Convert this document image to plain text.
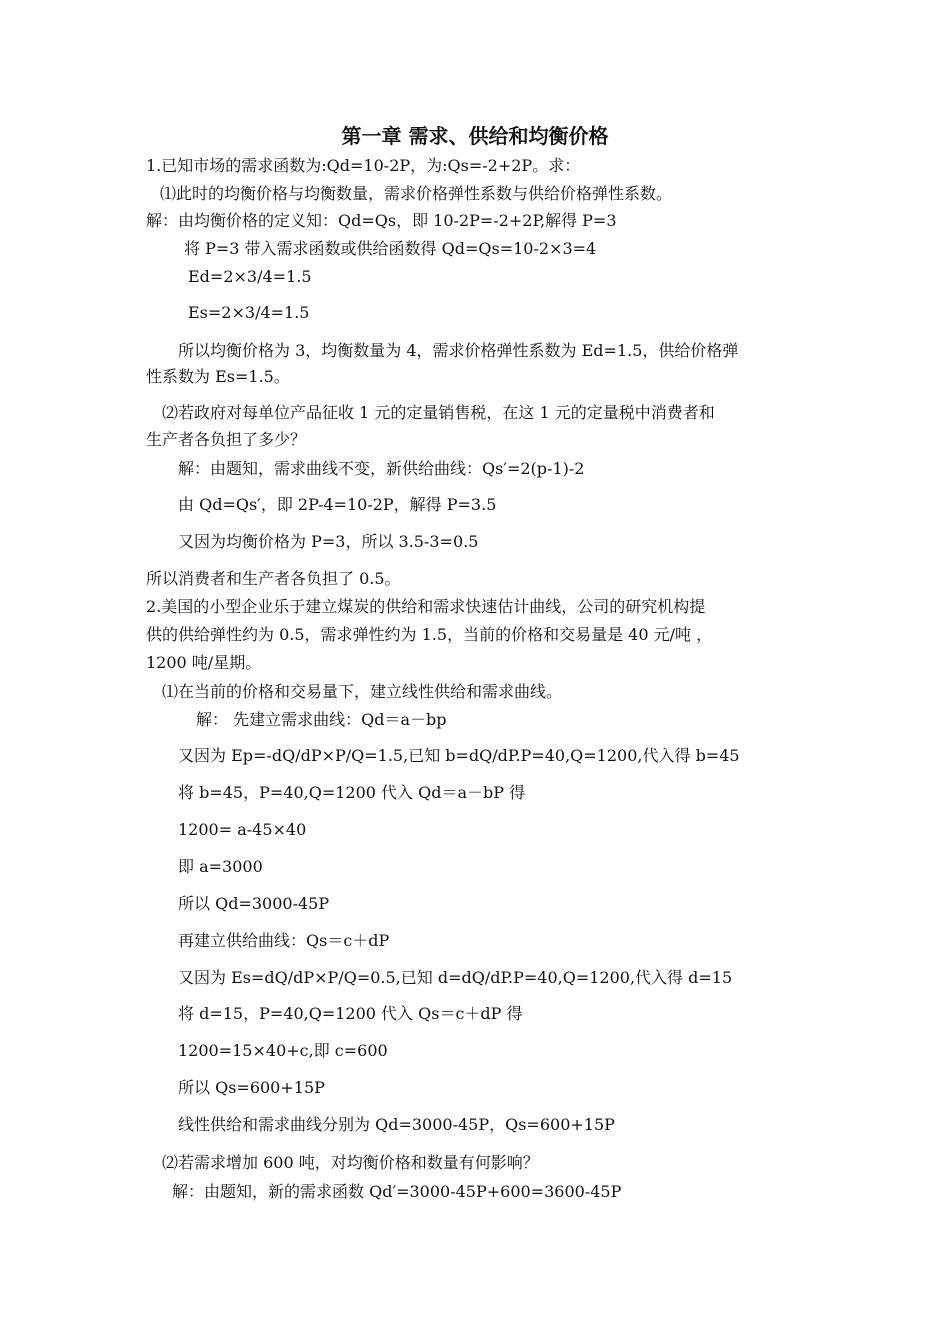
第一章 需求、供给和均衡价格
1.已知市场的需求函数为:Qd=10-2P，为:Qs=-2+2P。求：
⑴此时的均衡价格与均衡数量，需求价格弹性系数与供给价格弹性系数。
解：由均衡价格的定义知：Qd=Qs，即 10-2P=-2+2P,解得 P=3
将 P=3 带入需求函数或供给函数得 Qd=Qs=10-2×3=4
Ed=2×3/4=1.5
Es=2×3/4=1.5
所以均衡价格为 3，均衡数量为 4，需求价格弹性系数为 Ed=1.5，供给价格弹
性系数为 Es=1.5。
⑵若政府对每单位产品征收 1 元的定量销售税，在这 1 元的定量税中消费者和
生产者各负担了多少？
解：由题知，需求曲线不变，新供给曲线：Qs′=2(p-1)-2
由 Qd=Qs′，即 2P-4=10-2P，解得 P=3.5
又因为均衡价格为 P=3，所以 3.5-3=0.5
所以消费者和生产者各负担了 0.5。
2.美国的小型企业乐于建立煤炭的供给和需求快速估计曲线，公司的研究机构提
供的供给弹性约为 0.5，需求弹性约为 1.5，当前的价格和交易量是 40 元/吨 ，
1200 吨/星期。
⑴在当前的价格和交易量下，建立线性供给和需求曲线。
解： 先建立需求曲线：Qd＝a－bp
又因为 Ep=-dQ/dP×P/Q=1.5,已知 b=dQ/dP.P=40,Q=1200,代入得 b=45
将 b=45，P=40,Q=1200 代入 Qd＝a－bP 得
1200= a-45×40
即 a=3000
所以 Qd=3000-45P
再建立供给曲线：Qs＝c＋dP
又因为 Es=dQ/dP×P/Q=0.5,已知 d=dQ/dP.P=40,Q=1200,代入得 d=15
将 d=15，P=40,Q=1200 代入 Qs＝c＋dP 得
1200=15×40+c,即 c=600
所以 Qs=600+15P
线性供给和需求曲线分别为 Qd=3000-45P，Qs=600+15P
⑵若需求增加 600 吨，对均衡价格和数量有何影响？
解：由题知，新的需求函数 Qd′=3000-45P+600=3600-45P
